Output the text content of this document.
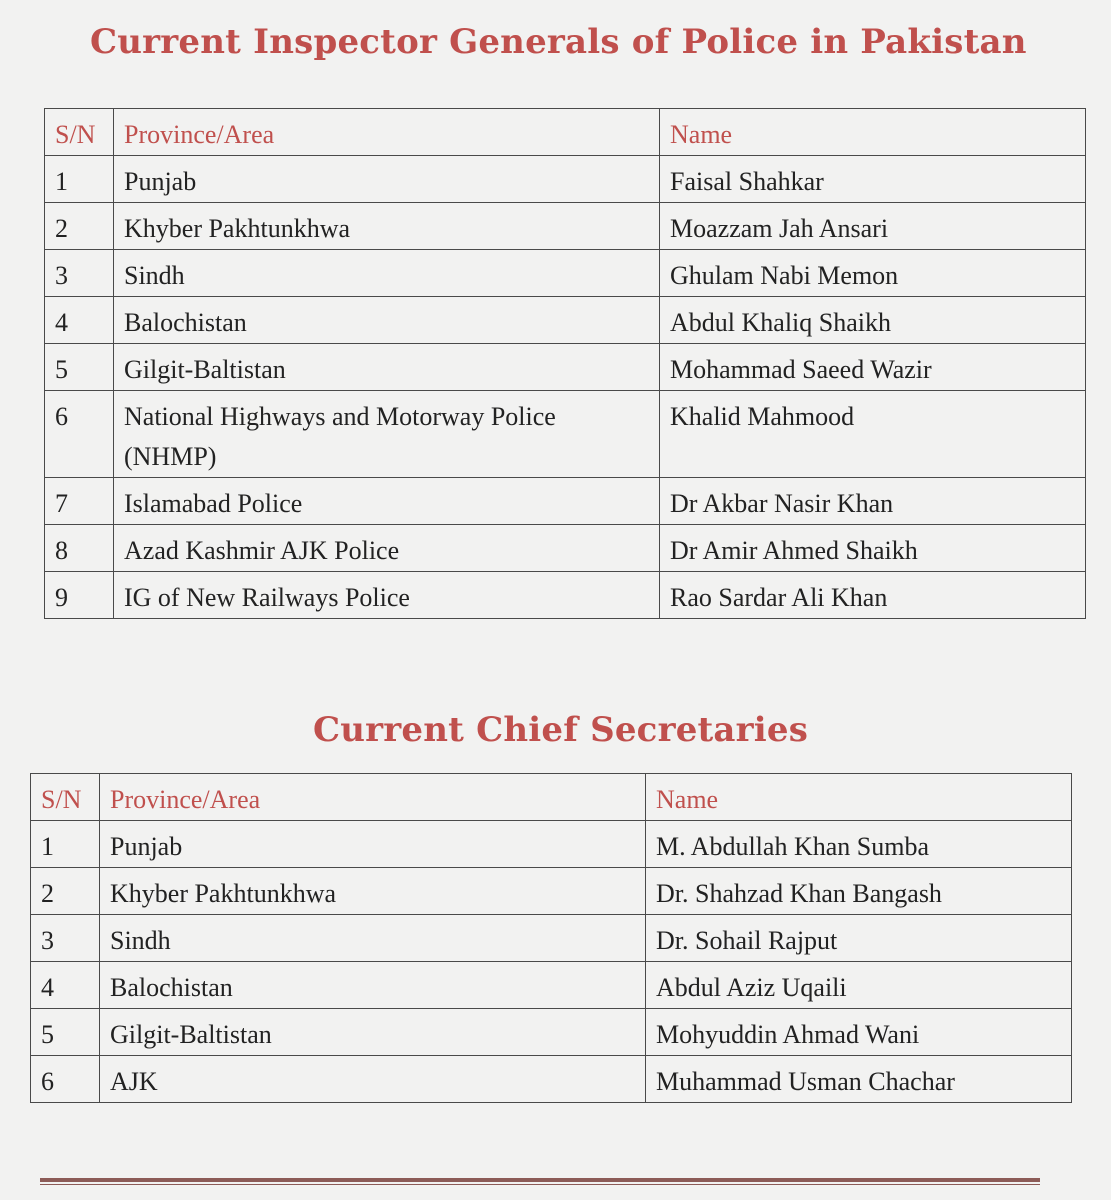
Current Inspector Generals of Police in Pakistan
S/N	Province/Area	Name
1	Punjab	Faisal Shahkar
2	Khyber Pakhtunkhwa	Moazzam Jah Ansari
3	Sindh	Ghulam Nabi Memon
4	Balochistan	Abdul Khaliq Shaikh
5	Gilgit-Baltistan	Mohammad Saeed Wazir
6	National Highways and Motorway Police (NHMP)	Khalid Mahmood
7	Islamabad Police	Dr Akbar Nasir Khan
8	Azad Kashmir AJK Police	Dr Amir Ahmed Shaikh
9	IG of New Railways Police	Rao Sardar Ali Khan
Current Chief Secretaries
S/N	Province/Area	Name
1	Punjab	M. Abdullah Khan Sumba
2	Khyber Pakhtunkhwa	Dr. Shahzad Khan Bangash
3	Sindh	Dr. Sohail Rajput
4	Balochistan	Abdul Aziz Uqaili
5	Gilgit-Baltistan	Mohyuddin Ahmad Wani
6	AJK	Muhammad Usman Chachar
